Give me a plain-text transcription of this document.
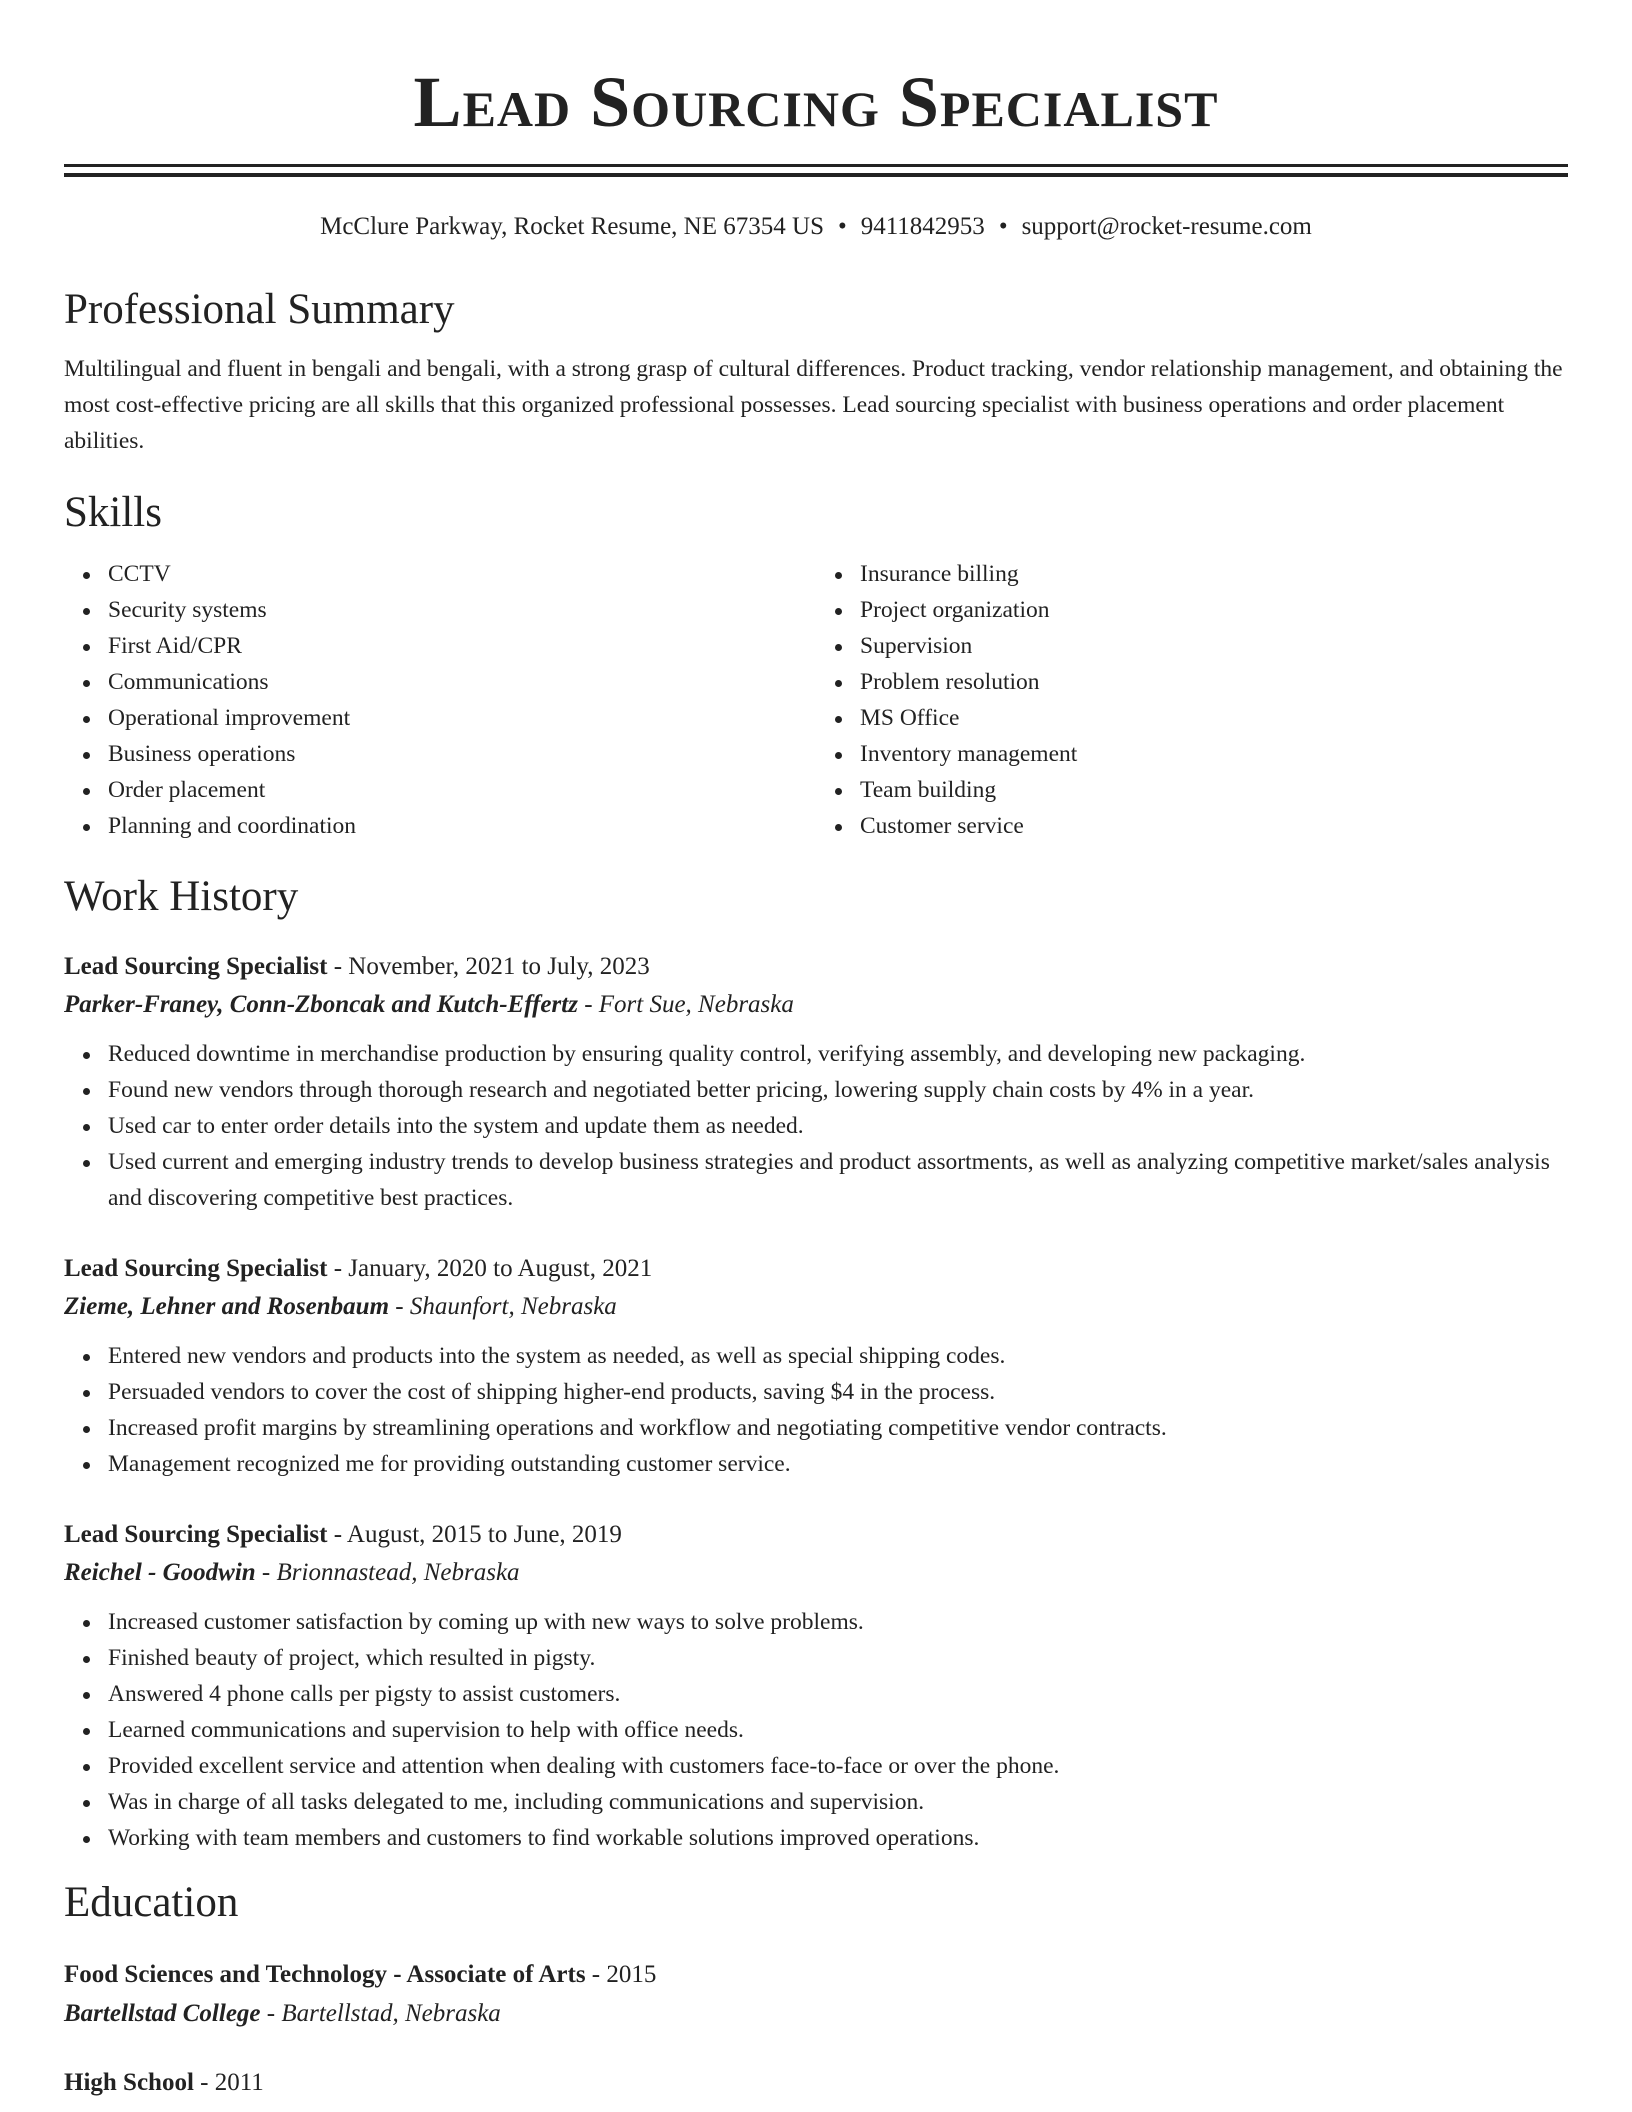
Lead Sourcing Specialist
McClure Parkway, Rocket Resume, NE 67354 US • 9411842953 • support@rocket-resume.com
Professional Summary

Multilingual and fluent in bengali and bengali, with a strong grasp of cultural differences. Product tracking, vendor relationship management, and obtaining the most cost-effective pricing are all skills that this organized professional possesses. Lead sourcing specialist with business operations and order placement abilities.

Skills
CCTV
Security systems
First Aid/CPR
Communications
Operational improvement
Business operations
Order placement
Planning and coordination
Insurance billing
Project organization
Supervision
Problem resolution
MS Office
Inventory management
Team building
Customer service
Work History
Lead Sourcing Specialist - November, 2021 to July, 2023
Parker-Franey, Conn-Zboncak and Kutch-Effertz - Fort Sue, Nebraska
Reduced downtime in merchandise production by ensuring quality control, verifying assembly, and developing new packaging.
Found new vendors through thorough research and negotiated better pricing, lowering supply chain costs by 4% in a year.
Used car to enter order details into the system and update them as needed.
Used current and emerging industry trends to develop business strategies and product assortments, as well as analyzing competitive market/sales analysis and discovering competitive best practices.
Lead Sourcing Specialist - January, 2020 to August, 2021
Zieme, Lehner and Rosenbaum - Shaunfort, Nebraska
Entered new vendors and products into the system as needed, as well as special shipping codes.
Persuaded vendors to cover the cost of shipping higher-end products, saving $4 in the process.
Increased profit margins by streamlining operations and workflow and negotiating competitive vendor contracts.
Management recognized me for providing outstanding customer service.
Lead Sourcing Specialist - August, 2015 to June, 2019
Reichel - Goodwin - Brionnastead, Nebraska
Increased customer satisfaction by coming up with new ways to solve problems.
Finished beauty of project, which resulted in pigsty.
Answered 4 phone calls per pigsty to assist customers.
Learned communications and supervision to help with office needs.
Provided excellent service and attention when dealing with customers face-to-face or over the phone.
Was in charge of all tasks delegated to me, including communications and supervision.
Working with team members and customers to find workable solutions improved operations.
Education
Food Sciences and Technology - Associate of Arts - 2015
Bartellstad College - Bartellstad, Nebraska
High School - 2011
